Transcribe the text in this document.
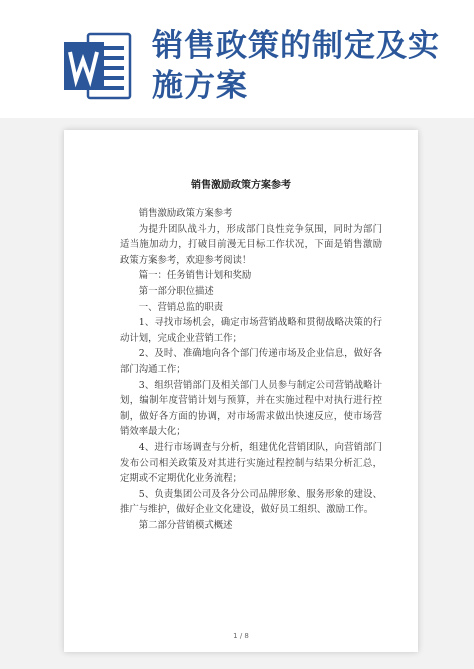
销售政策的制定及实施方案
销售激励政策方案参考

销售激励政策方案参考

为提升团队战斗力，形成部门良性竞争氛围，同时为部门适当施加动力，打破目前漫无目标工作状况，下面是销售激励政策方案参考，欢迎参考阅读！

篇一：任务销售计划和奖励

第一部分职位描述

一、营销总监的职责

1、寻找市场机会，确定市场营销战略和贯彻战略决策的行动计划，完成企业营销工作；

2、及时、准确地向各个部门传递市场及企业信息，做好各部门沟通工作；

3、组织营销部门及相关部门人员参与制定公司营销战略计划，编制年度营销计划与预算，并在实施过程中对执行进行控制，做好各方面的协调，对市场需求做出快速反应，使市场营销效率最大化；

4、进行市场调查与分析，组建优化营销团队，向营销部门发布公司相关政策及对其进行实施过程控制与结果分析汇总，定期或不定期优化业务流程；

5、负责集团公司及各分公司品牌形象、服务形象的建设、推广与维护，做好企业文化建设，做好员工组织、激励工作。

第二部分营销模式概述

1 / 8
